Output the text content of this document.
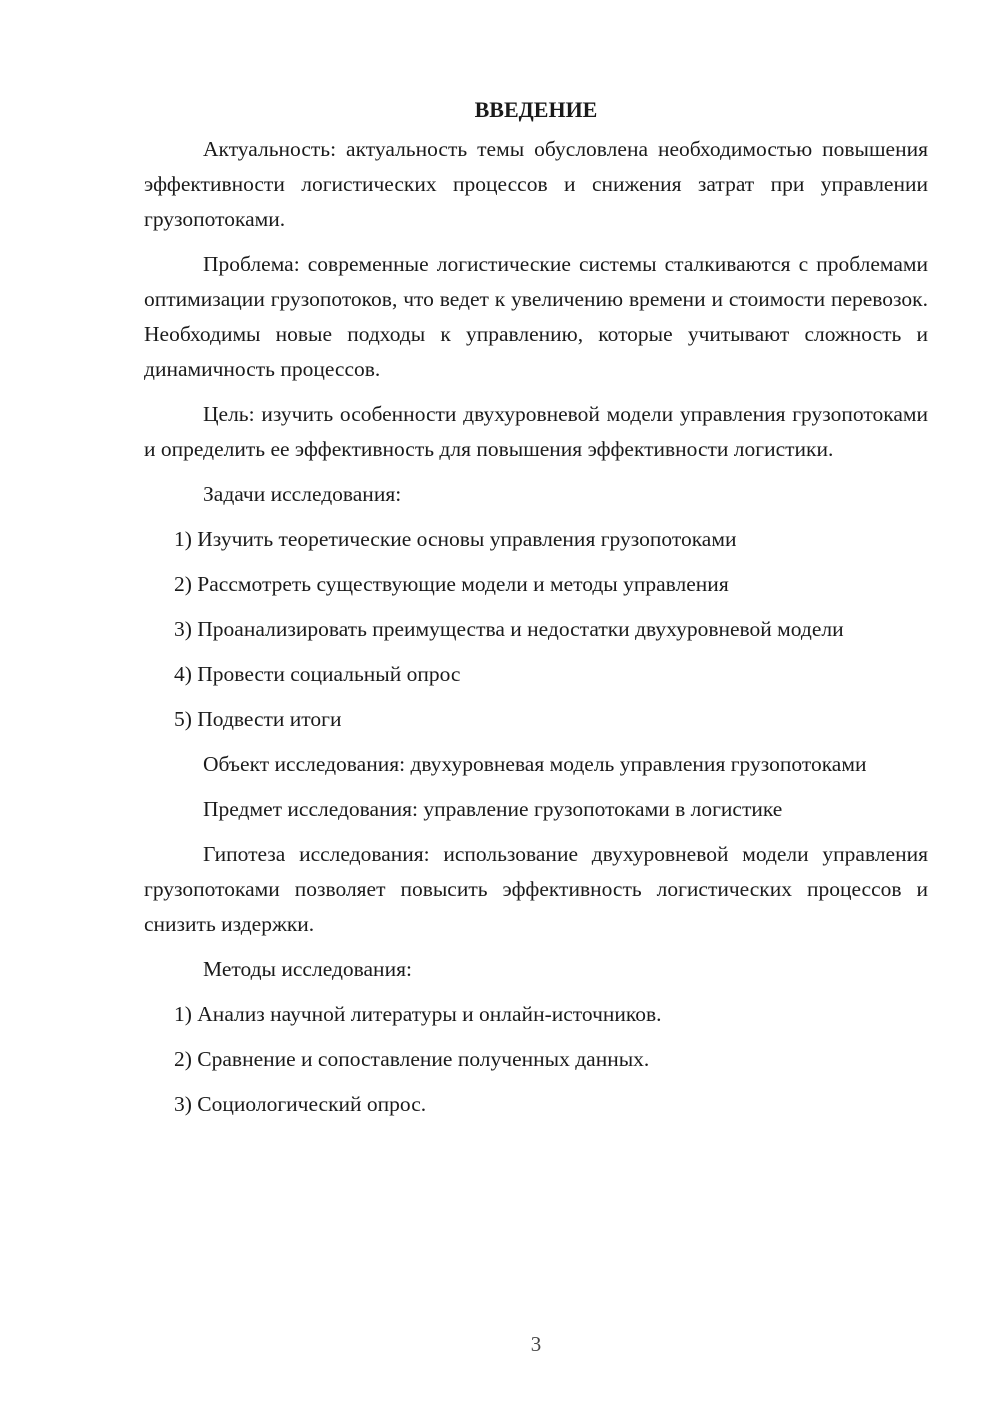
ВВЕДЕНИЕ

Актуальность: актуальность темы обусловлена необходимостью повышения эффективности логистических процессов и снижения затрат при управлении грузопотоками.

Проблема: современные логистические системы сталкиваются с проблемами оптимизации грузопотоков, что ведет к увеличению времени и стоимости перевозок. Необходимы новые подходы к управлению, которые учитывают сложность и динамичность процессов.

Цель: изучить особенности двухуровневой модели управления грузопотоками и определить ее эффективность для повышения эффективности логистики.

Задачи исследования:

1) Изучить теоретические основы управления грузопотоками

2) Рассмотреть существующие модели и методы управления

3) Проанализировать преимущества и недостатки двухуровневой модели

4) Провести социальный опрос

5) Подвести итоги

Объект исследования: двухуровневая модель управления грузопотоками

Предмет исследования: управление грузопотоками в логистике

Гипотеза исследования: использование двухуровневой модели управления грузопотоками позволяет повысить эффективность логистических процессов и снизить издержки.

Методы исследования:

1) Анализ научной литературы и онлайн-источников.

2) Сравнение и сопоставление полученных данных.

3) Социологический опрос.

3
